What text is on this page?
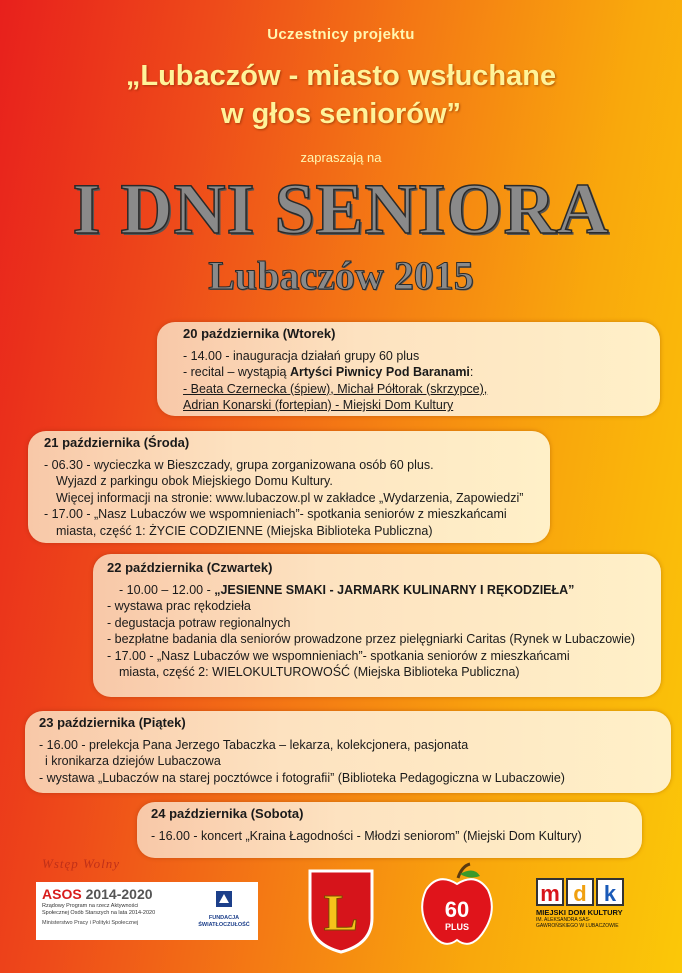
Uczestnicy projektu
„Lubaczów - miasto wsłuchane
w głos seniorów”
zapraszają na
I DNI SENIORA
Lubaczów 2015
20 października (Wtorek)
- 14.00 - inauguracja działań grupy 60 plus
- recital – wystąpią Artyści Piwnicy Pod Baranami:
- Beata Czernecka (śpiew), Michał Półtorak (skrzypce),
Adrian Konarski (fortepian) - Miejski Dom Kultury
21 października (Środa)
- 06.30 - wycieczka w Bieszczady, grupa zorganizowana osób 60 plus.
Wyjazd z parkingu obok Miejskiego Domu Kultury.
Więcej informacji na stronie: www.lubaczow.pl w zakładce „Wydarzenia, Zapowiedzi”
- 17.00 - „Nasz Lubaczów we wspomnieniach”- spotkania seniorów z mieszkańcami
miasta, część 1: ŻYCIE CODZIENNE (Miejska Biblioteka Publiczna)
22 października (Czwartek)
- 10.00 – 12.00 - „JESIENNE SMAKI - JARMARK KULINARNY I RĘKODZIEŁA”
- wystawa prac rękodzieła
- degustacja potraw regionalnych
- bezpłatne badania dla seniorów prowadzone przez pielęgniarki Caritas (Rynek w Lubaczowie)
- 17.00 - „Nasz Lubaczów we wspomnieniach”- spotkania seniorów z mieszkańcami
miasta, część 2: WIELOKULTUROWOŚĆ (Miejska Biblioteka Publiczna)
23 października (Piątek)
- 16.00 - prelekcja Pana Jerzego Tabaczka – lekarza, kolekcjonera, pasjonata
i kronikarza dziejów Lubaczowa
- wystawa „Lubaczów na starej pocztówce i fotografii” (Biblioteka Pedagogiczna w Lubaczowie)
24 października (Sobota)
- 16.00 - koncert „Kraina Łagodności - Młodzi seniorom” (Miejski Dom Kultury)
Wstęp Wolny
ASOS 2014-2020
Rządowy Program na rzecz Aktywności Społecznej Osób Starszych na lata 2014-2020
Ministerstwo Pracy i Polityki Społecznej
FUNDACJA
ŚWIATŁOCZUŁOŚĆ L	60
PLUS
m d k
MIEJSKI DOM KULTURY
IM. ALEKSANDRA SAS-GAWROŃSKIEGO W LUBACZOWIE
